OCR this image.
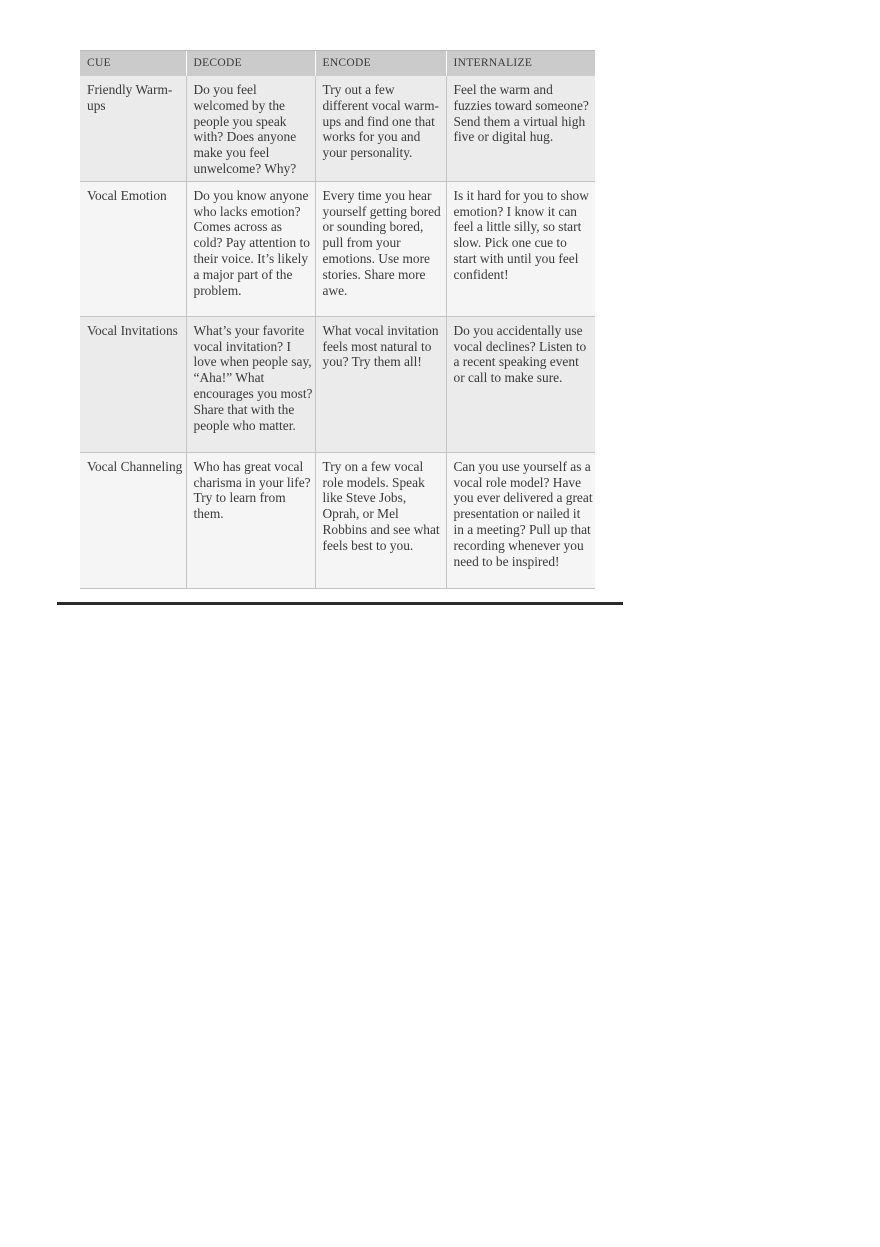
CUE	DECODE	ENCODE	INTERNALIZE
Friendly Warm-ups	Do you feel welcomed by the people you speak with? Does anyone make you feel unwelcome? Why?	Try out a few different vocal warm-ups and find one that works for you and your personality.	Feel the warm and fuzzies toward someone? Send them a virtual high five or digital hug.
Vocal Emotion	Do you know anyone who lacks emotion? Comes across as cold? Pay attention to their voice. It’s likely a major part of the problem.	Every time you hear yourself getting bored or sounding bored, pull from your emotions. Use more stories. Share more awe.	Is it hard for you to show emotion? I know it can feel a little silly, so start slow. Pick one cue to start with until you feel confident!
Vocal Invitations	What’s your favorite vocal invitation? I love when people say, “Aha!” What encourages you most? Share that with the people who matter.	What vocal invitation feels most natural to you? Try them all!	Do you accidentally use vocal declines? Listen to a recent speaking event or call to make sure.
Vocal Channeling	Who has great vocal charisma in your life? Try to learn from them.	Try on a few vocal role models. Speak like Steve Jobs, Oprah, or Mel Robbins and see what feels best to you.	Can you use yourself as a vocal role model? Have you ever delivered a great presentation or nailed it in a meeting? Pull up that recording whenever you need to be inspired!
